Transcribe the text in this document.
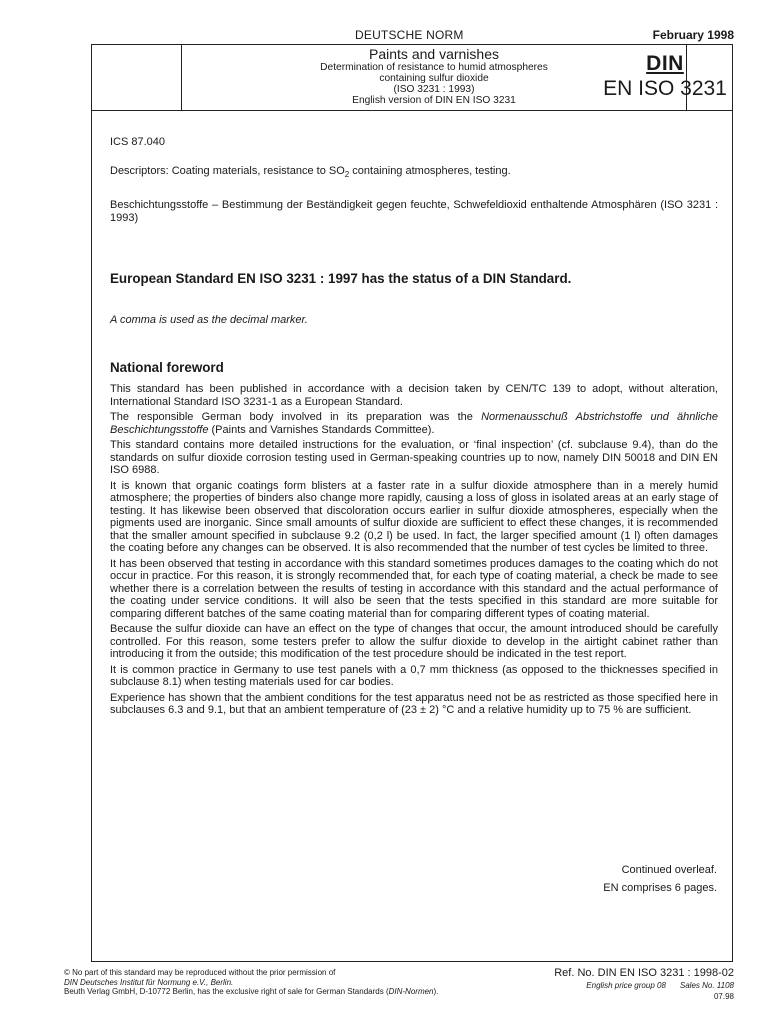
DEUTSCHE NORM	February 1998
Paints and varnishes
Determination of resistance to humid atmospheres
containing sulfur dioxide
(ISO 3231 : 1993)
English version of DIN EN ISO 3231
DIN
EN ISO 3231
ICS 87.040
Descriptors: Coating materials, resistance to $SO_2$ containing atmospheres, testing.
Beschichtungsstoffe – Bestimmung der Beständigkeit gegen feuchte, Schwefeldioxid enthaltende Atmosphären (ISO 3231 : 1993)
European Standard EN ISO 3231 : 1997 has the status of a DIN Standard.
A comma is used as the decimal marker.
National foreword

This standard has been published in accordance with a decision taken by CEN/TC 139 to adopt, without alteration, International Standard ISO 3231-1 as a European Standard.

The responsible German body involved in its preparation was the Normenausschuß Abstrichstoffe und ähnliche Beschichtungsstoffe (Paints and Varnishes Standards Committee).

This standard contains more detailed instructions for the evaluation, or ‘final inspection’ (cf. subclause 9.4), than do the standards on sulfur dioxide corrosion testing used in German-speaking countries up to now, namely DIN 50018 and DIN EN ISO 6988.

It is known that organic coatings form blisters at a faster rate in a sulfur dioxide atmosphere than in a merely humid atmosphere; the properties of binders also change more rapidly, causing a loss of gloss in isolated areas at an early stage of testing. It has likewise been observed that discoloration occurs earlier in sulfur dioxide atmospheres, especially when the pigments used are inorganic. Since small amounts of sulfur dioxide are sufficient to effect these changes, it is recommended that the smaller amount specified in subclause 9.2 (0,2 l) be used. In fact, the larger specified amount (1 l) often damages the coating before any changes can be observed. It is also recommended that the number of test cycles be limited to three.

It has been observed that testing in accordance with this standard sometimes produces damages to the coating which do not occur in practice. For this reason, it is strongly recommended that, for each type of coating material, a check be made to see whether there is a correlation between the results of testing in accordance with this standard and the actual performance of the coating under service conditions. It will also be seen that the tests specified in this standard are more suitable for comparing different batches of the same coating material than for comparing different types of coating material.

Because the sulfur dioxide can have an effect on the type of changes that occur, the amount introduced should be carefully controlled. For this reason, some testers prefer to allow the sulfur dioxide to develop in the airtight cabinet rather than introducing it from the outside; this modification of the test procedure should be indicated in the test report.

It is common practice in Germany to use test panels with a 0,7 mm thickness (as opposed to the thicknesses specified in subclause 8.1) when testing materials used for car bodies.

Experience has shown that the ambient conditions for the test apparatus need not be as restricted as those specified here in subclauses 6.3 and 9.1, but that an ambient temperature of (23 ± 2) °C and a relative humidity up to 75 % are sufficient.

Continued overleaf.
EN comprises 6 pages.
© No part of this standard may be reproduced without the prior permission of
DIN Deutsches Institut für Normung e.V., Berlin.
Beuth Verlag GmbH, D-10772 Berlin, has the exclusive right of sale for German Standards (DIN-Normen).
Ref. No. DIN EN ISO 3231 : 1998-02
English price group 08 Sales No. 1108
07.98
